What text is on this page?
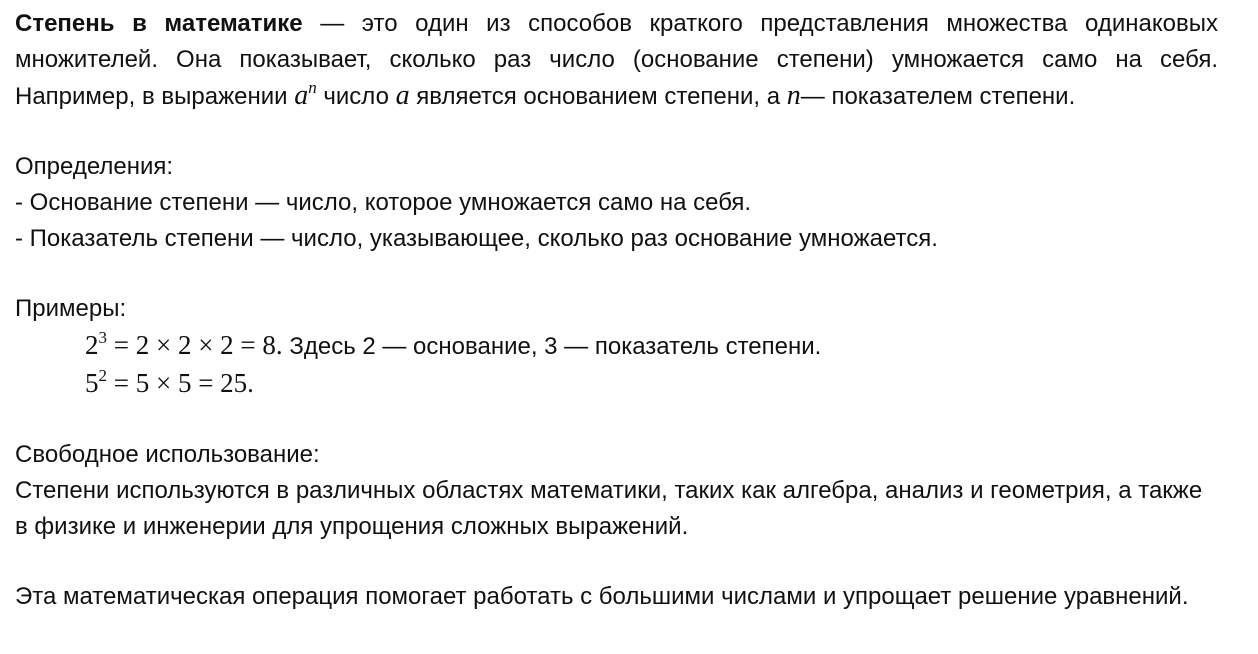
Степень в математике — это один из способов краткого представления множества одинаковых множителей. Она показывает, сколько раз число (основание степени) умножается само на себя. Например, в выражении $a^n$ число a является основанием степени, а n— показателем степени.

Определения:

- Основание степени — число, которое умножается само на себя.

- Показатель степени — число, указывающее, сколько раз основание умножается.

Примеры:

$2^3 = 2 \times 2 \times 2 = 8$. Здесь 2 — основание, 3 — показатель степени.

$5^2 = 5 \times 5 = 25$.

Свободное использование:

Степени используются в различных областях математики, таких как алгебра, анализ и геометрия, а также в физике и инженерии для упрощения сложных выражений.

Эта математическая операция помогает работать с большими числами и упрощает решение уравнений.
